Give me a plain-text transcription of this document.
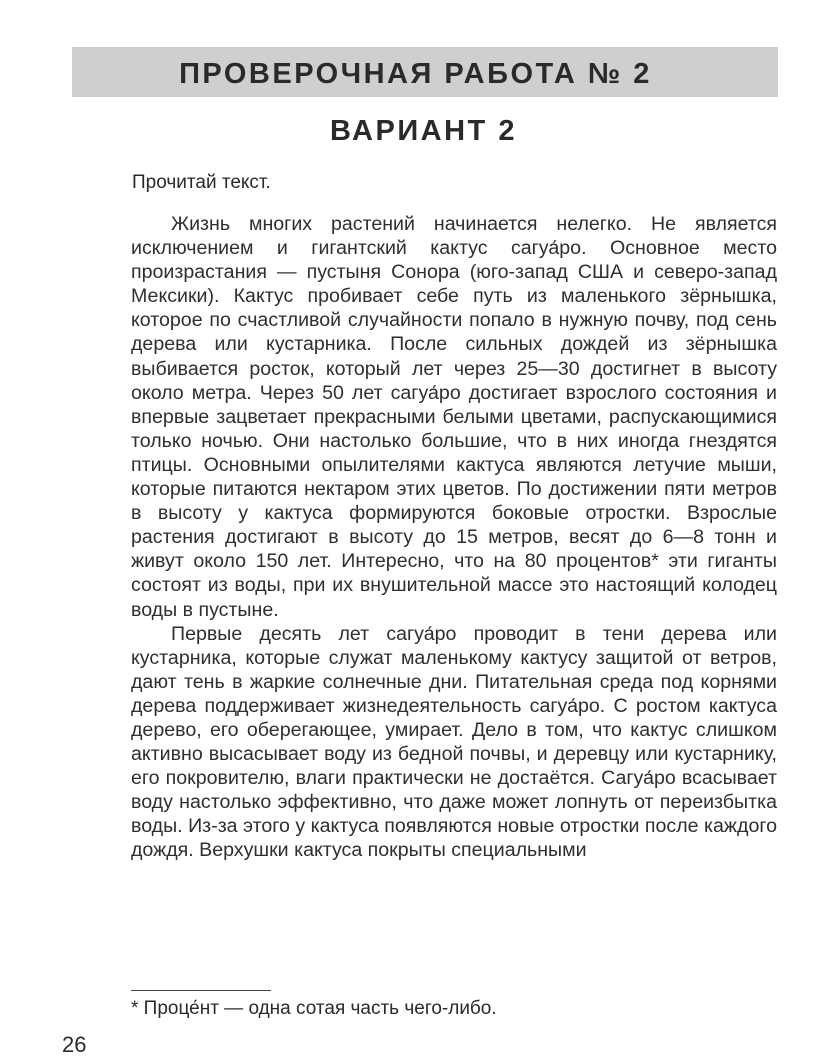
ПРОВЕРОЧНАЯ РАБОТА № 2
ВАРИАНТ 2
Прочитай текст.

Жизнь многих растений начинается нелегко. Не является исключением и гигантский кактус сагуа́ро. Основное место произрастания — пустыня Сонора (юго-запад США и северо-запад Мексики). Кактус пробивает себе путь из маленького зёрнышка, которое по счастливой случайности попало в нужную почву, под сень дерева или кустарника. После сильных дождей из зёрнышка выбивается росток, который лет через 25—30 достигнет в высоту около метра. Через 50 лет сагуа́ро достигает взрослого состояния и впервые зацветает прекрасными белыми цветами, распускающимися только ночью. Они настолько большие, что в них иногда гнездятся птицы. Основными опылителями кактуса являются летучие мыши, которые питаются нектаром этих цветов. По достижении пяти метров в высоту у кактуса формируются боковые отростки. Взрослые растения достигают в высоту до 15 метров, весят до 6—8 тонн и живут около 150 лет. Интересно, что на 80 процентов* эти гиганты состоят из воды, при их внушительной массе это настоящий колодец воды в пустыне.

Первые десять лет сагуа́ро проводит в тени дерева или кустарника, которые служат маленькому кактусу защитой от ветров, дают тень в жаркие солнечные дни. Питательная среда под корнями дерева поддерживает жизнедеятельность сагуа́ро. С ростом кактуса дерево, его оберегающее, умирает. Дело в том, что кактус слишком активно высасывает воду из бедной почвы, и деревцу или кустарнику, его покровителю, влаги практически не достаётся. Сагуа́ро всасывает воду настолько эффективно, что даже может лопнуть от переизбытка воды. Из-за этого у кактуса появляются новые отростки после каждого дождя. Верхушки кактуса покрыты специальными

* Проце́нт — одна сотая часть чего-либо.
26
